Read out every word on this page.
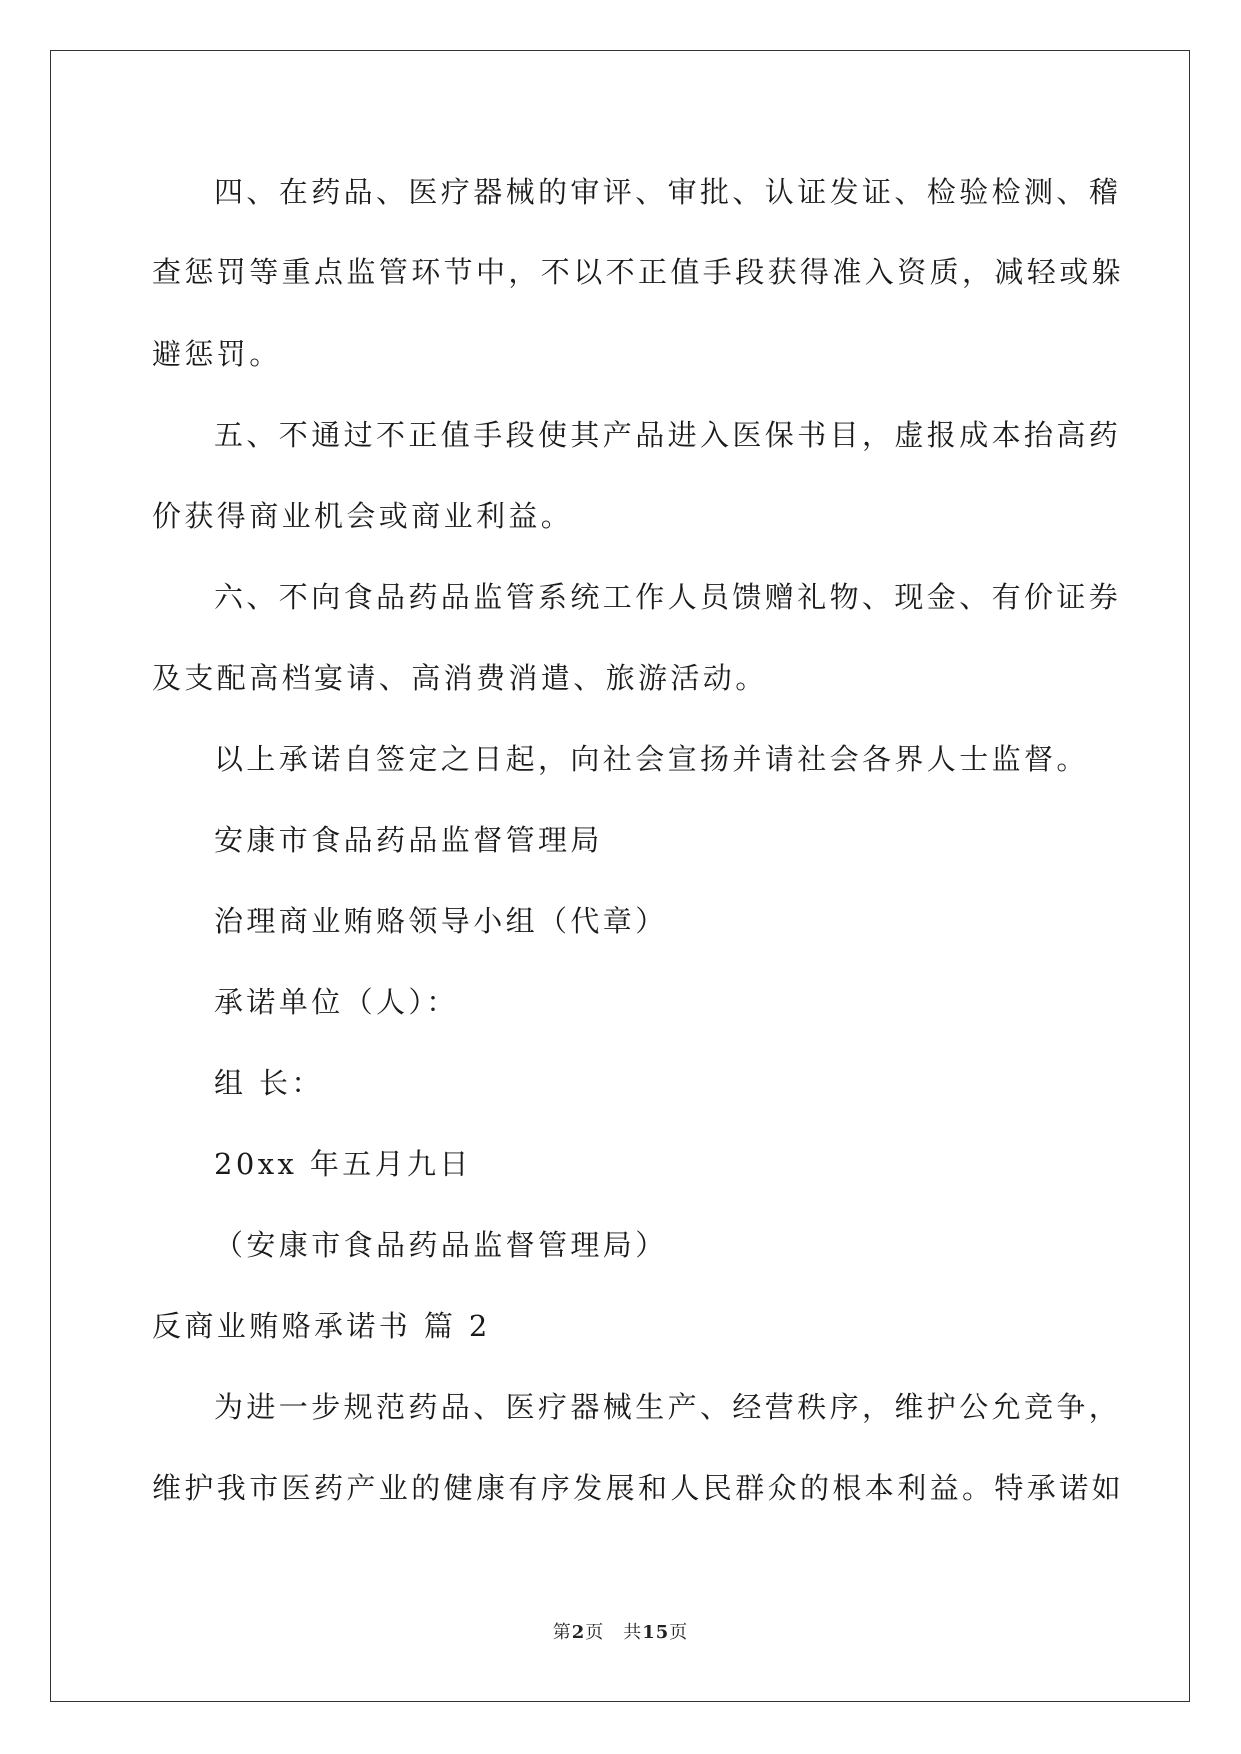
四、在药品、医疗器械的审评、审批、认证发证、检验检测、稽
查惩罚等重点监管环节中，不以不正值手段获得准入资质，减轻或躲
避惩罚。
五、不通过不正值手段使其产品进入医保书目，虚报成本抬高药
价获得商业机会或商业利益。
六、不向食品药品监管系统工作人员馈赠礼物、现金、有价证券
及支配高档宴请、高消费消遣、旅游活动。
以上承诺自签定之日起，向社会宣扬并请社会各界人士监督。
安康市食品药品监督管理局
治理商业贿赂领导小组（代章）
承诺单位（人）：
组 长：
20xx 年五月九日
（安康市食品药品监督管理局）
反商业贿赂承诺书 篇 2
为进一步规范药品、医疗器械生产、经营秩序，维护公允竞争，
维护我市医药产业的健康有序发展和人民群众的根本利益。特承诺如
第2页　共15页
